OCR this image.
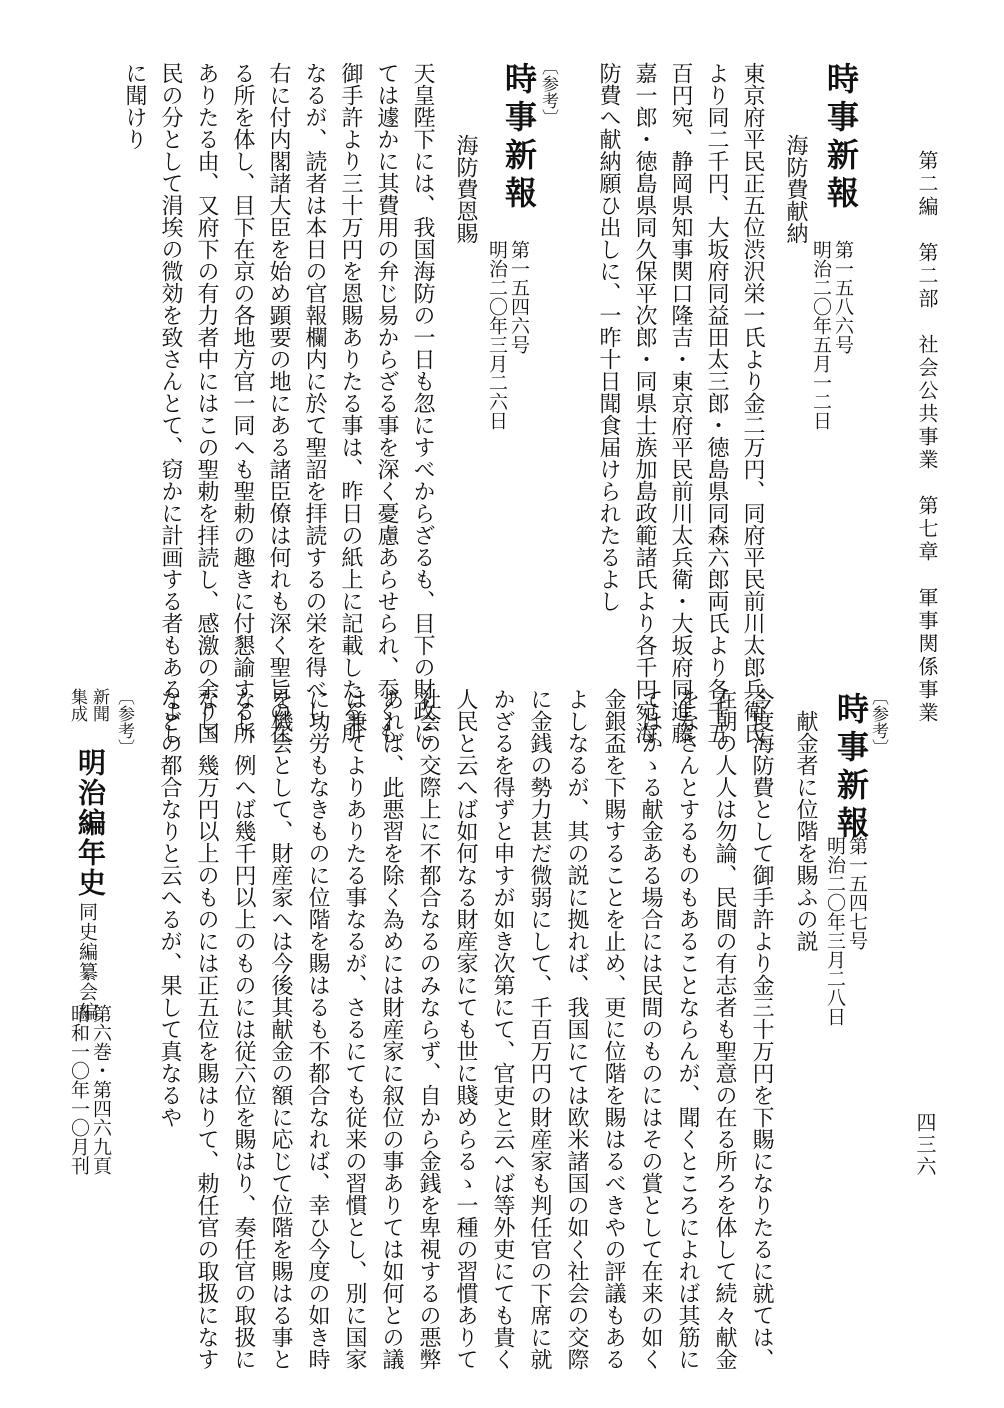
第二編　第二部　社会公共事業　第七章　軍事関係事業
四三六
時事新報
海防費献納
第一五八六号
明治二〇年五月一二日
東京府平民正五位渋沢栄一氏より金二万円、同府平民前川太郎兵衛氏
より同二千円、大坂府同益田太三郎・徳島県同森六郎両氏より各千五
百円宛、静岡県知事関口隆吉・東京府平民前川太兵衛・大坂府同進藤
嘉一郎・徳島県同久保平次郎・同県士族加島政範諸氏より各千円宛海
防費へ献納願ひ出しに、一昨十日聞食届けられたるよし
〔参考〕
時事新報
海防費恩賜
第一五四六号
明治二〇年三月二六日
天皇陛下には、我国海防の一日も忽にすべからざるも、目下の財政に
ては遽かに其費用の弁じ易からざる事を深く憂慮あらせられ、忝くも
御手許より三十万円を恩賜ありたる事は、昨日の紙上に記載したる所
なるが、読者は本日の官報欄内に於て聖詔を拝読するの栄を得べし、
右に付内閣諸大臣を始め顕要の地にある諸臣僚は何れも深く聖旨の在
る所を体し、目下在京の各地方官一同へも聖勅の趣きに付懇諭する所
ありたる由、又府下の有力者中にはこの聖勅を拝読し、感激の余り国
民の分として涓埃の微効を致さんとて、窃かに計画する者もあるよし
に聞けり
〔参考〕
時事新報
献金者に位階を賜ふの説 第一五四七号
明治二〇年三月二八日
今度海防費として御手許より金三十万円を下賜になりたるに就ては、
在朝の人人は勿論、民間の有志者も聖意の在る所ろを体して続々献金
をなさんとするものもあることならんが、聞くところによれば其筋に
てはかゝる献金ある場合には民間のものにはその賞として在来の如く
金銀盃を下賜することを止め、更に位階を賜はるべきやの評議もある
よしなるが、其の説に拠れば、我国にては欧米諸国の如く社会の交際
に金銭の勢力甚だ微弱にして、千百万円の財産家も判任官の下席に就
かざるを得ずと申すが如き次第にて、官吏と云へば等外吏にても貴く
人民と云へば如何なる財産家にても世に賤めらるゝ一種の習慣ありて
社会の交際上に不都合なるのみならず、自から金銭を卑視するの悪弊
あれば、此悪習を除く為めには財産家に叙位の事ありては如何との議
は兼てよりありたる事なるが、さるにても従来の習慣とし、別に国家
に功労もなきものに位階を賜はるも不都合なれば、幸ひ今度の如き時
を機会として、財産家へは今後其献金の額に応じて位階を賜はる事と
なし、例へば幾千円以上のものには従六位を賜はり、奏任官の取扱に
なし、幾万円以上のものには正五位を賜はりて、勅任官の取扱になす
などの都合なりと云へるが、果して真なるや
〔参考〕
新聞
集成
明治編年史
同史編纂会編
第六巻・第四六九頁
昭和一〇年一〇月刊
